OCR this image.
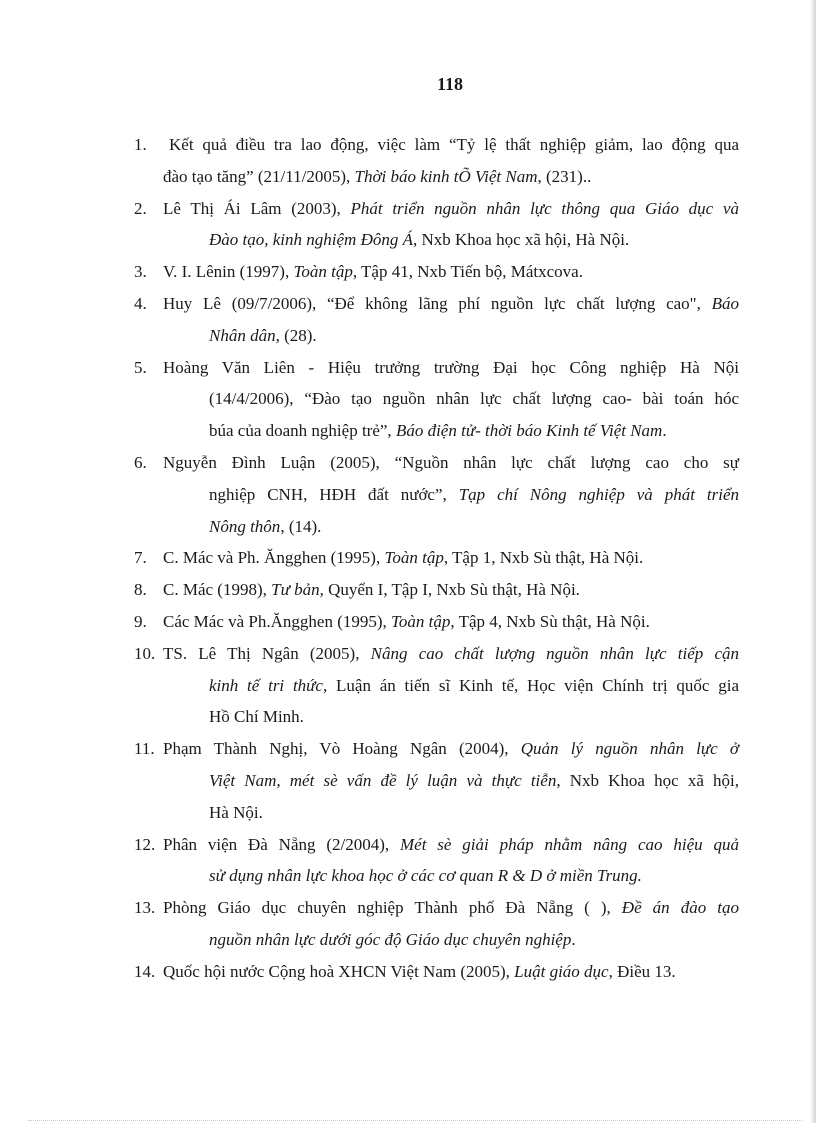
118
1.	Kết quả điều tra lao động, việc làm “Tỷ lệ thất nghiệp giảm, lao động qua
đào tạo tăng” (21/11/2005), Thời báo kinh tÕ Việt Nam, (231)..
2. Lê Thị Ái Lâm (2003), Phát triển nguồn nhân lực thông qua Giáo dục và
Đào tạo, kinh nghiệm Đông Á, Nxb Khoa học xã hội, Hà Nội.
3. V. I. Lênin (1997), Toàn tập, Tập 41, Nxb Tiến bộ, Mátxcova.
4. Huy Lê (09/7/2006), “Để không lãng phí nguồn lực chất lượng cao", Báo
Nhân dân, (28).
5. Hoàng Văn Liên - Hiệu trưởng trường Đại học Công nghiệp Hà Nội
(14/4/2006), “Đào tạo nguồn nhân lực chất lượng cao- bài toán hóc
búa của doanh nghiệp trẻ”, Báo điện tử- thời báo Kinh tế Việt Nam.
6. Nguyễn Đình Luận (2005), “Nguồn nhân lực chất lượng cao cho sự
nghiệp CNH, HĐH đất nước”, Tạp chí Nông nghiệp và phát triển
Nông thôn, (14).
7. C. Mác và Ph. Ăngghen (1995), Toàn tập, Tập 1, Nxb Sù thật, Hà Nội.
8. C. Mác (1998), Tư bản, Quyển I, Tập I, Nxb Sù thật, Hà Nội.
9. Các Mác và Ph.Ăngghen (1995), Toàn tập, Tập 4, Nxb Sù thật, Hà Nội.
10. TS. Lê Thị Ngân (2005), Nâng cao chất lượng nguồn nhân lực tiếp cận
kinh tế tri thức, Luận án tiến sĩ Kinh tế, Học viện Chính trị quốc gia
Hồ Chí Minh.
11. Phạm Thành Nghị, Vò Hoàng Ngân (2004), Quản lý nguồn nhân lực ở
Việt Nam, mét sè vấn đề lý luận và thực tiễn, Nxb Khoa học xã hội,
Hà Nội.
12. Phân viện Đà Nẵng (2/2004), Mét sè giải pháp nhằm nâng cao hiệu quả
sử dụng nhân lực khoa học ở các cơ quan R & D ở miền Trung.
13. Phòng Giáo dục chuyên nghiệp Thành phố Đà Nẵng ( ), Đề án đào tạo
nguồn nhân lực dưới góc độ Giáo dục chuyên nghiệp.
14. Quốc hội nước Cộng hoà XHCN Việt Nam (2005), Luật giáo dục, Điều 13.
